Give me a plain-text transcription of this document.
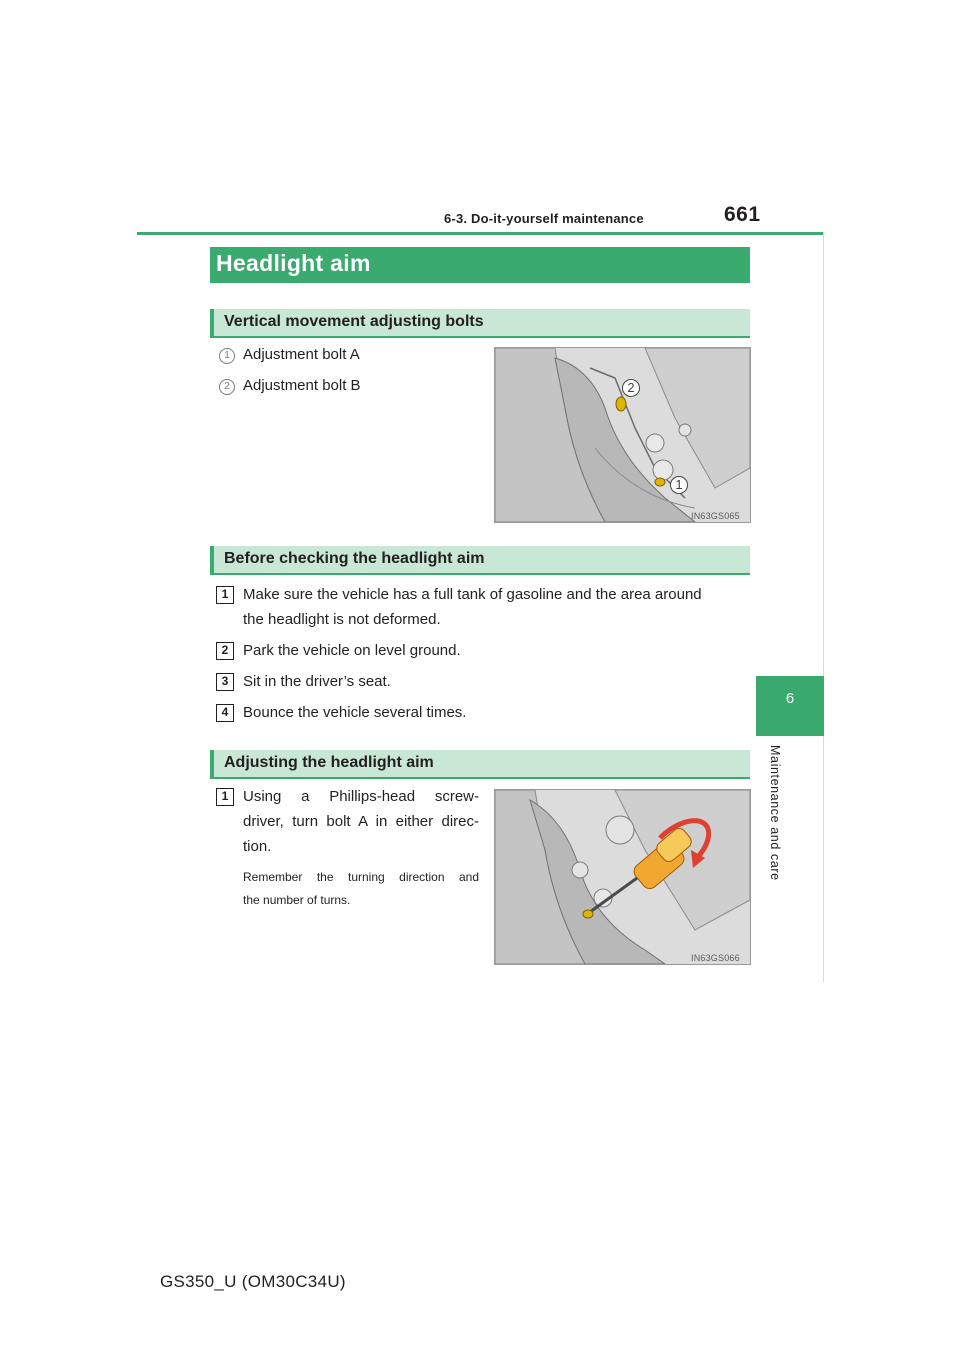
6-3. Do-it-yourself maintenance	661
6
Maintenance and care
Headlight aim
Vertical movement adjusting bolts
1 Adjustment bolt A
2 Adjustment bolt B	2
1
IN63GS065
Before checking the headlight aim
1 Make sure the vehicle has a full tank of gasoline and the area around
the headlight is not deformed.
2 Park the vehicle on level ground.
3 Sit in the driver’s seat.
4 Bounce the vehicle several times.
Adjusting the headlight aim
1 Using a Phillips-head screw-
driver, turn bolt A in either direc-
tion.
Remember the turning direction and
the number of turns.
IN63GS066
GS350_U (OM30C34U)
